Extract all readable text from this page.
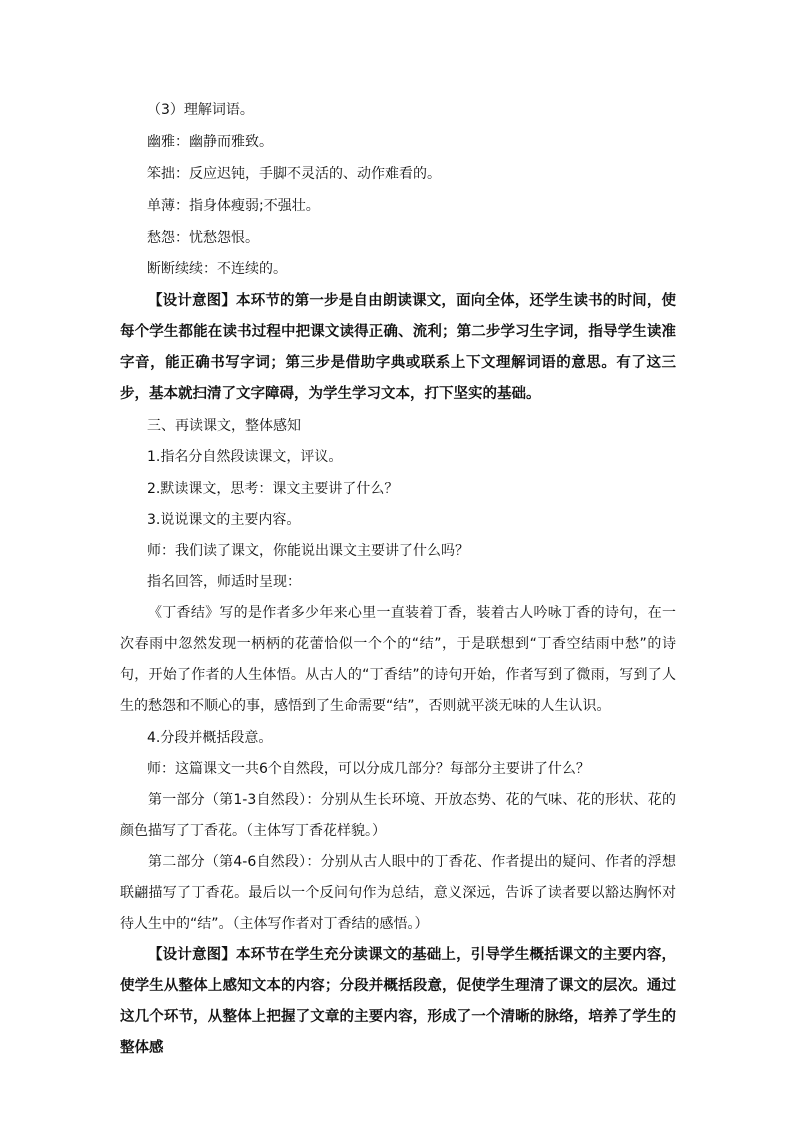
（3）理解词语。
幽雅：幽静而雅致。
笨拙：反应迟钝，手脚不灵活的、动作难看的。
单薄：指身体瘦弱;不强壮。
愁怨：忧愁怨恨。
断断续续：不连续的。
【设计意图】本环节的第一步是自由朗读课文，面向全体，还学生读书的时间，使每个学生都能在读书过程中把课文读得正确、流利；第二步学习生字词，指导学生读准字音，能正确书写字词；第三步是借助字典或联系上下文理解词语的意思。有了这三步，基本就扫清了文字障碍，为学生学习文本，打下坚实的基础。
三、再读课文，整体感知
1.指名分自然段读课文，评议。
2.默读课文，思考：课文主要讲了什么？
3.说说课文的主要内容。
师：我们读了课文，你能说出课文主要讲了什么吗？
指名回答，师适时呈现：
《丁香结》写的是作者多少年来心里一直装着丁香，装着古人吟咏丁香的诗句，在一次春雨中忽然发现一柄柄的花蕾恰似一个个的“结”，于是联想到“丁香空结雨中愁”的诗句，开始了作者的人生体悟。从古人的“丁香结”的诗句开始，作者写到了微雨，写到了人生的愁怨和不顺心的事，感悟到了生命需要“结”，否则就平淡无味的人生认识。
4.分段并概括段意。
师：这篇课文一共6个自然段，可以分成几部分？每部分主要讲了什么？
第一部分（第1-3自然段）：分别从生长环境、开放态势、花的气味、花的形状、花的颜色描写了丁香花。（主体写丁香花样貌。）
第二部分（第4-6自然段）：分别从古人眼中的丁香花、作者提出的疑问、作者的浮想联翩描写了丁香花。最后以一个反问句作为总结，意义深远，告诉了读者要以豁达胸怀对待人生中的“结”。（主体写作者对丁香结的感悟。）
【设计意图】本环节在学生充分读课文的基础上，引导学生概括课文的主要内容，使学生从整体上感知文本的内容；分段并概括段意，促使学生理清了课文的层次。通过这几个环节，从整体上把握了文章的主要内容，形成了一个清晰的脉络，培养了学生的整体感
